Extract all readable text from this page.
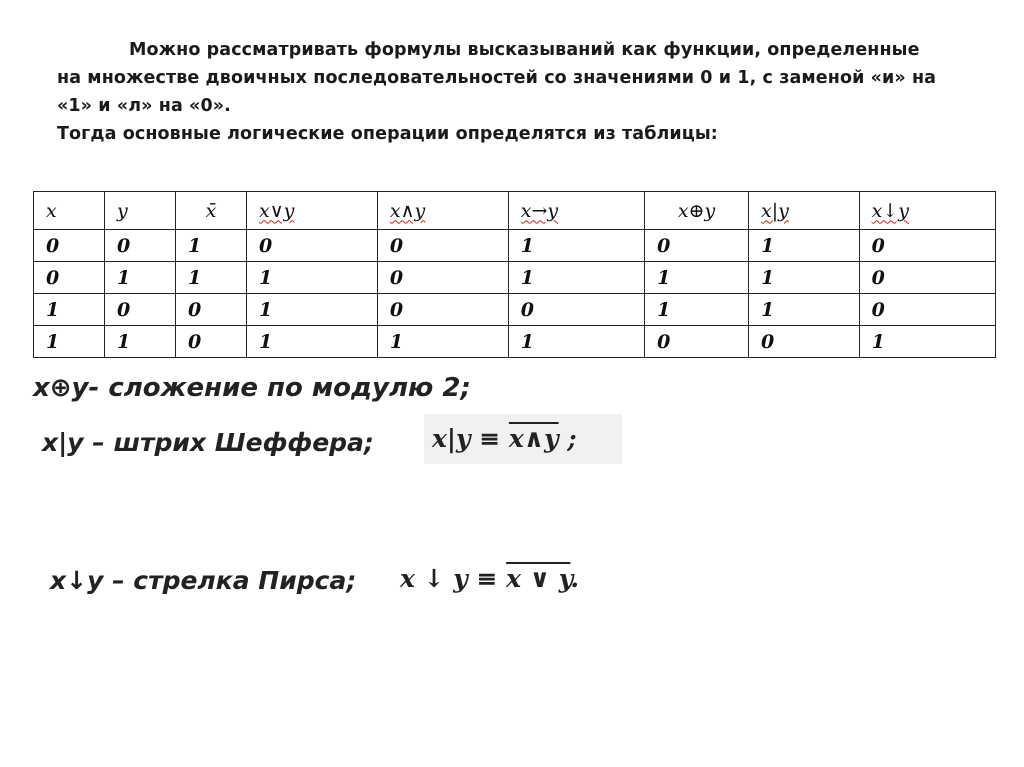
Можно рассматривать формулы высказываний как функции, определенные
на множестве двоичных последовательностей со значениями 0 и 1, с заменой «и» на
«1» и «л» на «0».
Тогда основные логические операции определятся из таблицы:
x	y	x̄	x∨y	x∧y	x→y	x⊕y	x|y	x↓y
0	0	1	0	0	1	0	1	0
0	1	1	1	0	1	1	1	0
1	0	0	1	0	0	1	1	0
1	1	0	1	1	1	0	0	1
x⊕y- сложение по модулю 2;
x|y – штрих Шеффера;	x|y ≡ x∧y ;
x↓y – стрелка Пирса; x ↓ y ≡ x ∨ y.
